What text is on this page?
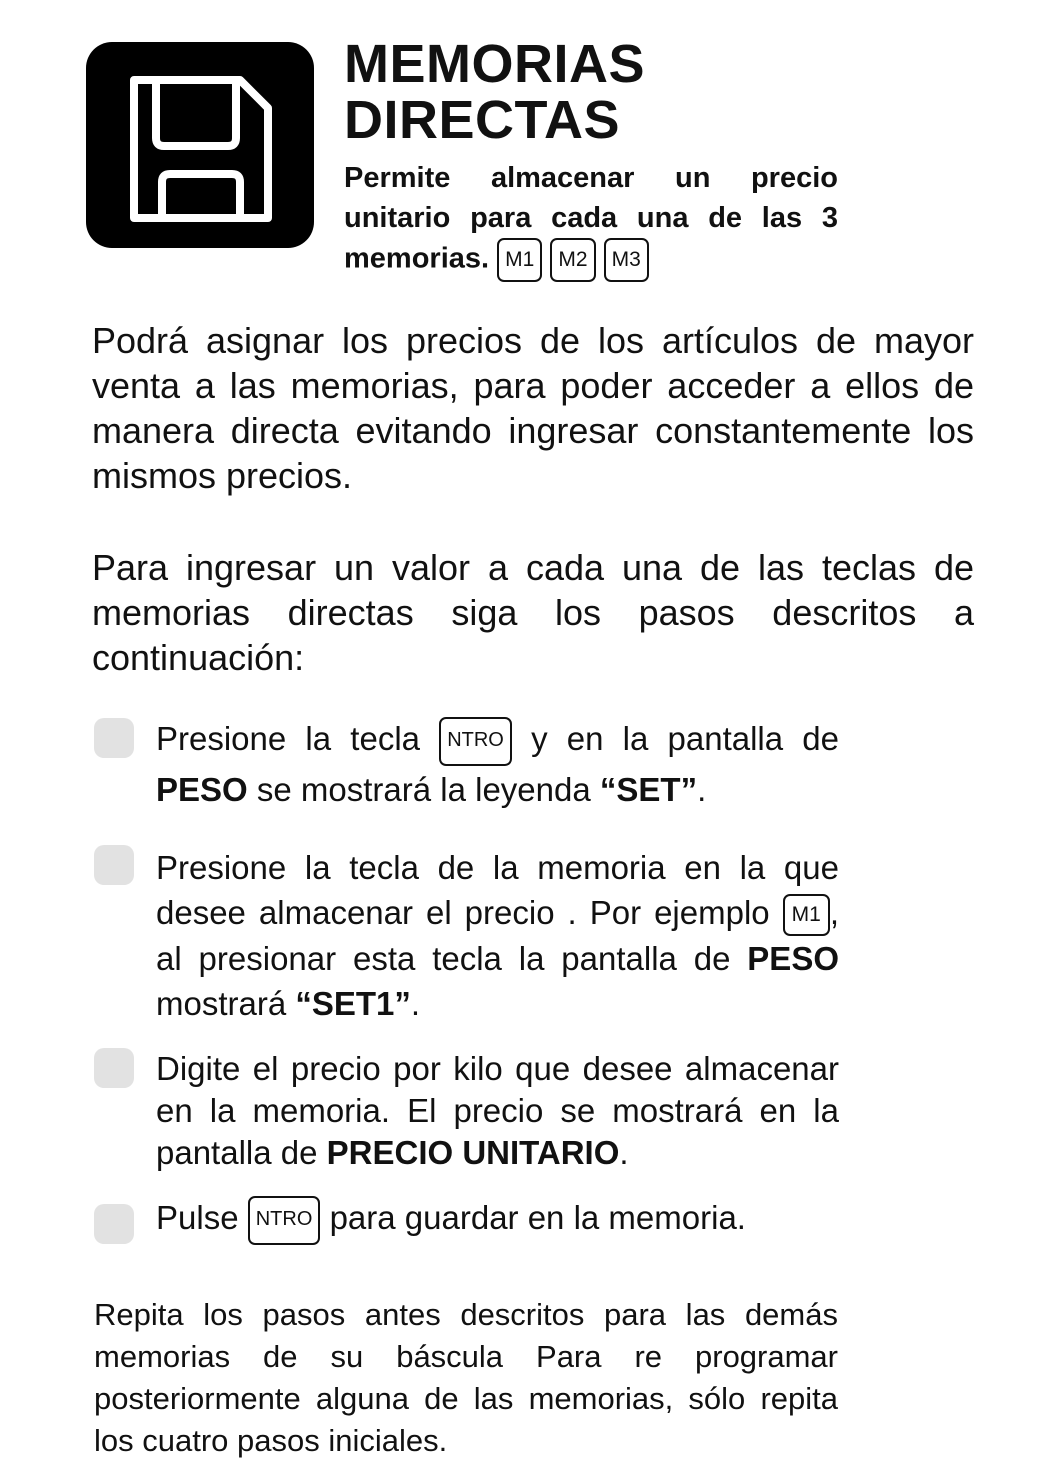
MEMORIAS
DIRECTAS

Permite almacenar un precio unitario para cada una de las 3 memorias. M1 M2 M3

Podrá asignar los precios de los artículos de mayor venta a las memorias, para poder acceder a ellos de manera directa evitando ingresar constantemente los mismos precios.

Para ingresar un valor a cada una de las teclas de memorias directas siga los pasos descritos a continuación:

Presione la tecla NTRO y en la pantalla de PESO se mostrará la leyenda “SET”.

Presione la tecla de la memoria en la que desee almacenar el precio . Por ejemplo M1 , al presionar esta tecla la pantalla de PESO mostrará “SET1”.

Digite el precio por kilo que desee almacenar en la memoria. El precio se mostrará en la pantalla de PRECIO UNITARIO.

Pulse NTRO para guardar en la memoria.

Repita los pasos antes descritos para las demás memorias de su báscula Para re programar posteriormente alguna de las memorias, sólo repita los cuatro pasos iniciales.
